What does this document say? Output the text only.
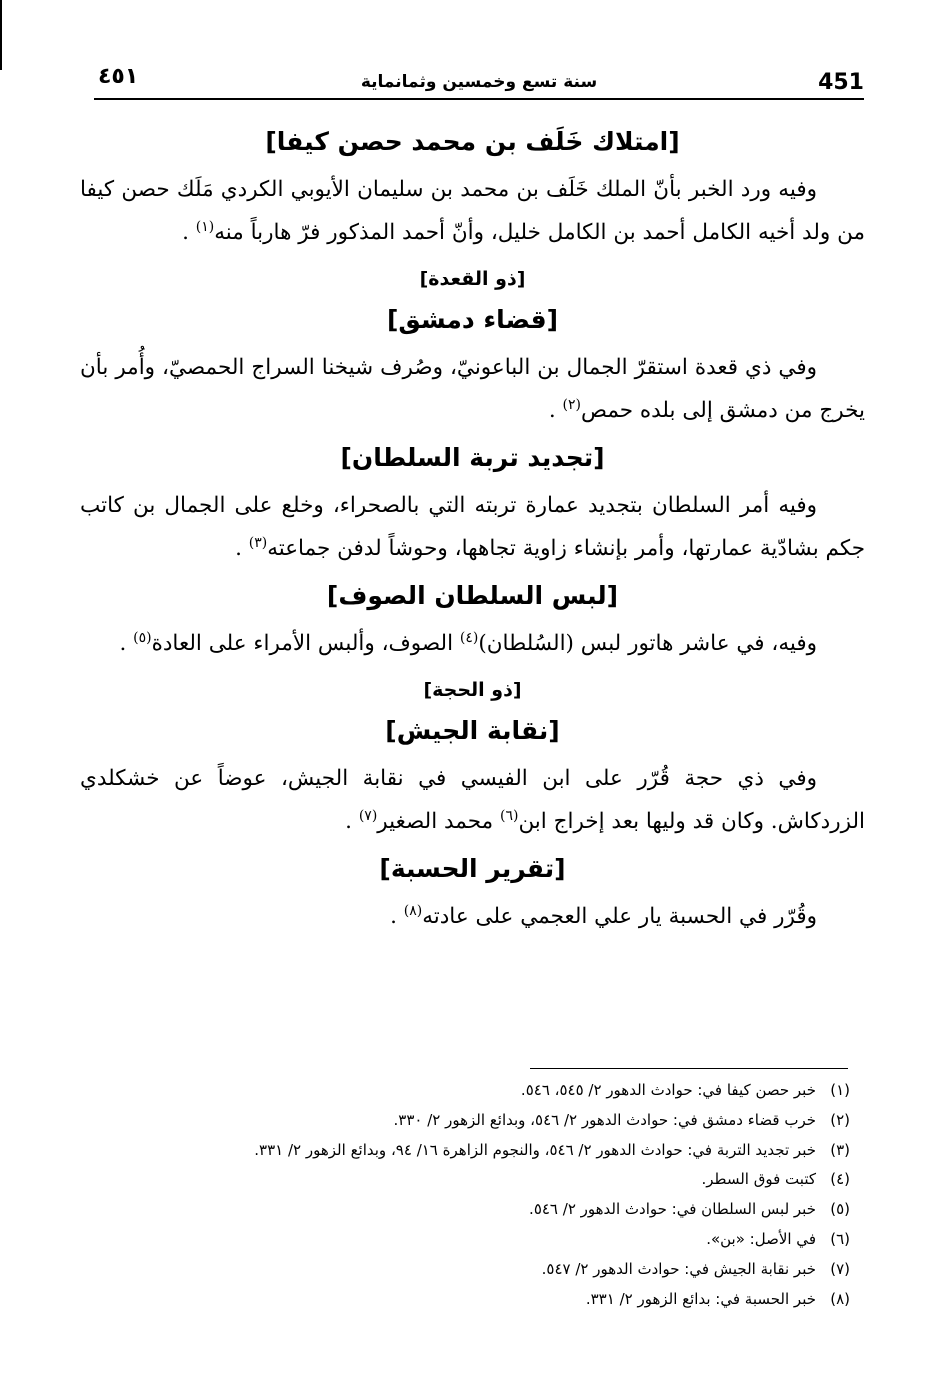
451
سنة تسع وخمسين وثمانماية
٤٥١
[امتلاك خَلَف بن محمد حصن كيفا]

وفيه ورد الخبر بأنّ الملك خَلَف بن محمد بن سليمان الأيوبي الكردي مَلَك حصن كيفا من ولد أخيه الكامل أحمد بن الكامل خليل، وأنّ أحمد المذكور فرّ هارباً منه$^{(١)}$ .

[ذو القعدة]
[قضاء دمشق]

وفي ذي قعدة استقرّ الجمال بن الباعونيّ، وصُرف شيخنا السراج الحمصيّ، وأُمر بأن يخرج من دمشق إلى بلده حمص$^{(٢)}$ .

[تجديد تربة السلطان]

وفيه أمر السلطان بتجديد عمارة تربته التي بالصحراء، وخلع على الجمال بن كاتب جكم بشادّية عمارتها، وأمر بإنشاء زاوية تجاهها، وحوشاً لدفن جماعته$^{(٣)}$ .

[لبس السلطان الصوف]

وفيه، في عاشر هاتور لبس (السُلطان)$^{(٤)}$ الصوف، وألبس الأمراء على العادة$^{(٥)}$ .

[ذو الحجة]
[نقابة الجيش]

وفي ذي حجة قُرّر على ابن الفيسي في نقابة الجيش، عوضاً عن خشكلدي الزردكاش. وكان قد وليها بعد إخراج ابن$^{(٦)}$ محمد الصغير$^{(٧)}$ .

[تقرير الحسبة]

وقُرّر في الحسبة يار علي العجمي على عادته$^{(٨)}$ .

(١)خبر حصن كيفا في: حوادث الدهور ٢/ ٥٤٥، ٥٤٦.
(٢)خرب قضاء دمشق في: حوادث الدهور ٢/ ٥٤٦، وبدائع الزهور ٢/ ٣٣٠.
(٣)خبر تجديد التربة في: حوادث الدهور ٢/ ٥٤٦، والنجوم الزاهرة ١٦/ ٩٤، وبدائع الزهور ٢/ ٣٣١.
(٤)كتبت فوق السطر.
(٥)خبر لبس السلطان في: حوادث الدهور ٢/ ٥٤٦.
(٦)في الأصل: «بن».
(٧)خبر نقابة الجيش في: حوادث الدهور ٢/ ٥٤٧.
(٨)خبر الحسبة في: بدائع الزهور ٢/ ٣٣١.
